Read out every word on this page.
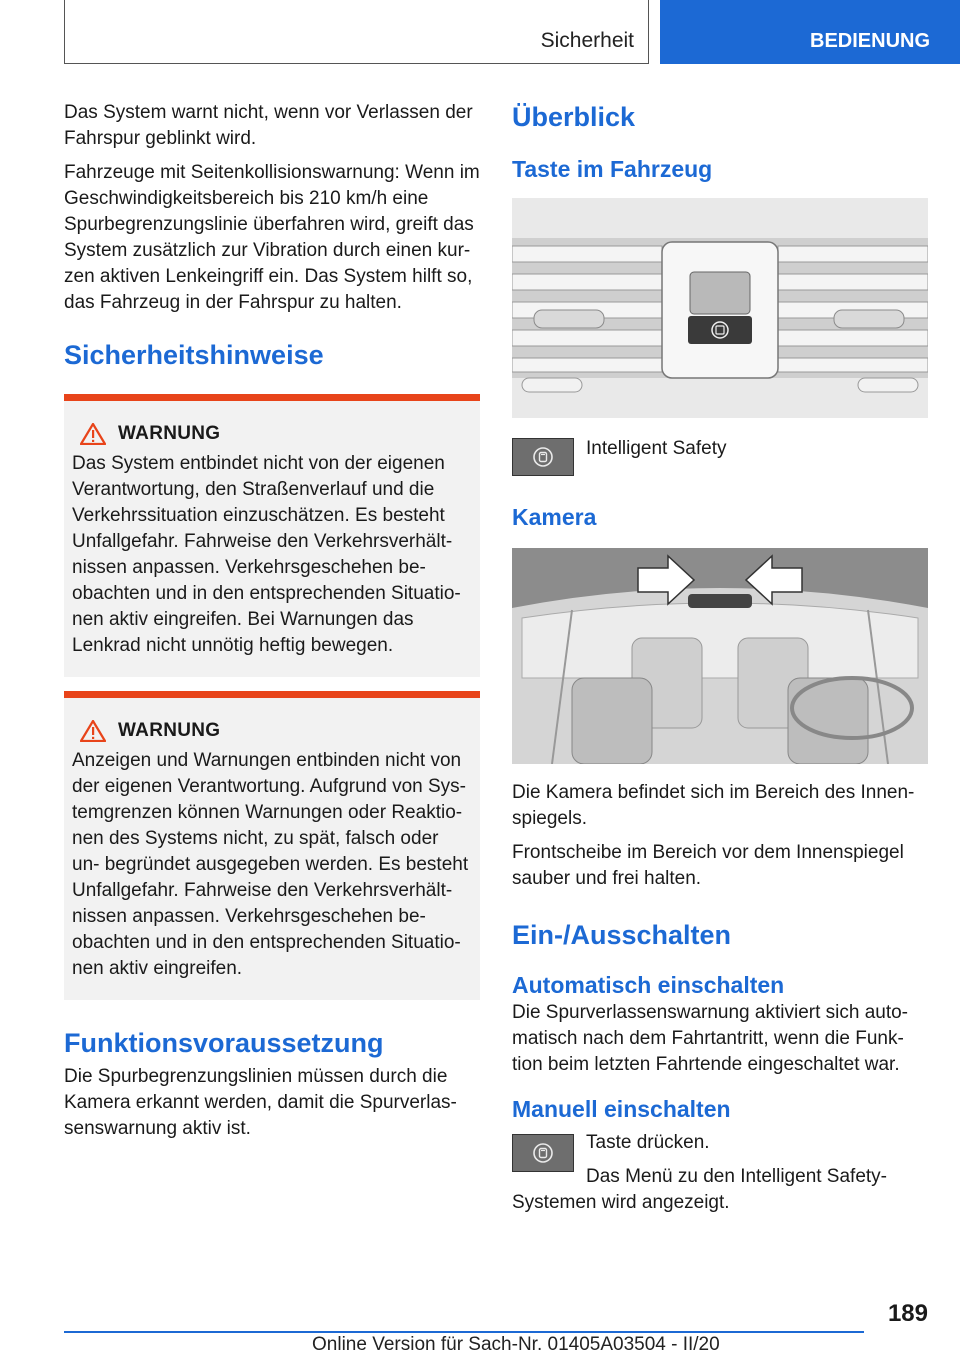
Sicherheit	BEDIENUNG

Das System warnt nicht, wenn vor Verlassen der Fahrspur geblinkt wird.

Fahrzeuge mit Seitenkollisionswarnung: Wenn im Geschwindigkeitsbereich bis 210 km/h eine Spurbegrenzungslinie überfahren wird, greift das System zusätzlich zur Vibration durch einen kur- zen aktiven Lenkeingriff ein. Das System hilft so, das Fahrzeug in der Fahrspur zu halten.

Sicherheitshinweise
WARNUNG

Das System entbindet nicht von der eigenen Verantwortung, den Straßenverlauf und die Verkehrssituation einzuschätzen. Es besteht Unfallgefahr. Fahrweise den Verkehrsverhält- nissen anpassen. Verkehrsgeschehen be- obachten und in den entsprechenden Situatio- nen aktiv eingreifen. Bei Warnungen das Lenkrad nicht unnötig heftig bewegen.

WARNUNG

Anzeigen und Warnungen entbinden nicht von der eigenen Verantwortung. Aufgrund von Sys- temgrenzen können Warnungen oder Reaktio- nen des Systems nicht, zu spät, falsch oder un- begründet ausgegeben werden. Es besteht Unfallgefahr. Fahrweise den Verkehrsverhält- nissen anpassen. Verkehrsgeschehen be- obachten und in den entsprechenden Situatio- nen aktiv eingreifen.

Funktionsvoraussetzung

Die Spurbegrenzungslinien müssen durch die Kamera erkannt werden, damit die Spurverlas- senswarnung aktiv ist.

Überblick
Taste im Fahrzeug

Intelligent Safety

Kamera

Die Kamera befindet sich im Bereich des Innen- spiegels.

Frontscheibe im Bereich vor dem Innenspiegel sauber und frei halten.

Ein-/Ausschalten
Automatisch einschalten

Die Spurverlassenswarnung aktiviert sich auto- matisch nach dem Fahrtantritt, wenn die Funk- tion beim letzten Fahrtende eingeschaltet war.

Manuell einschalten

Taste drücken.

Das Menü zu den Intelligent Safety- Systemen wird angezeigt.

189
Online Version für Sach-Nr. 01405A03504 - II/20
